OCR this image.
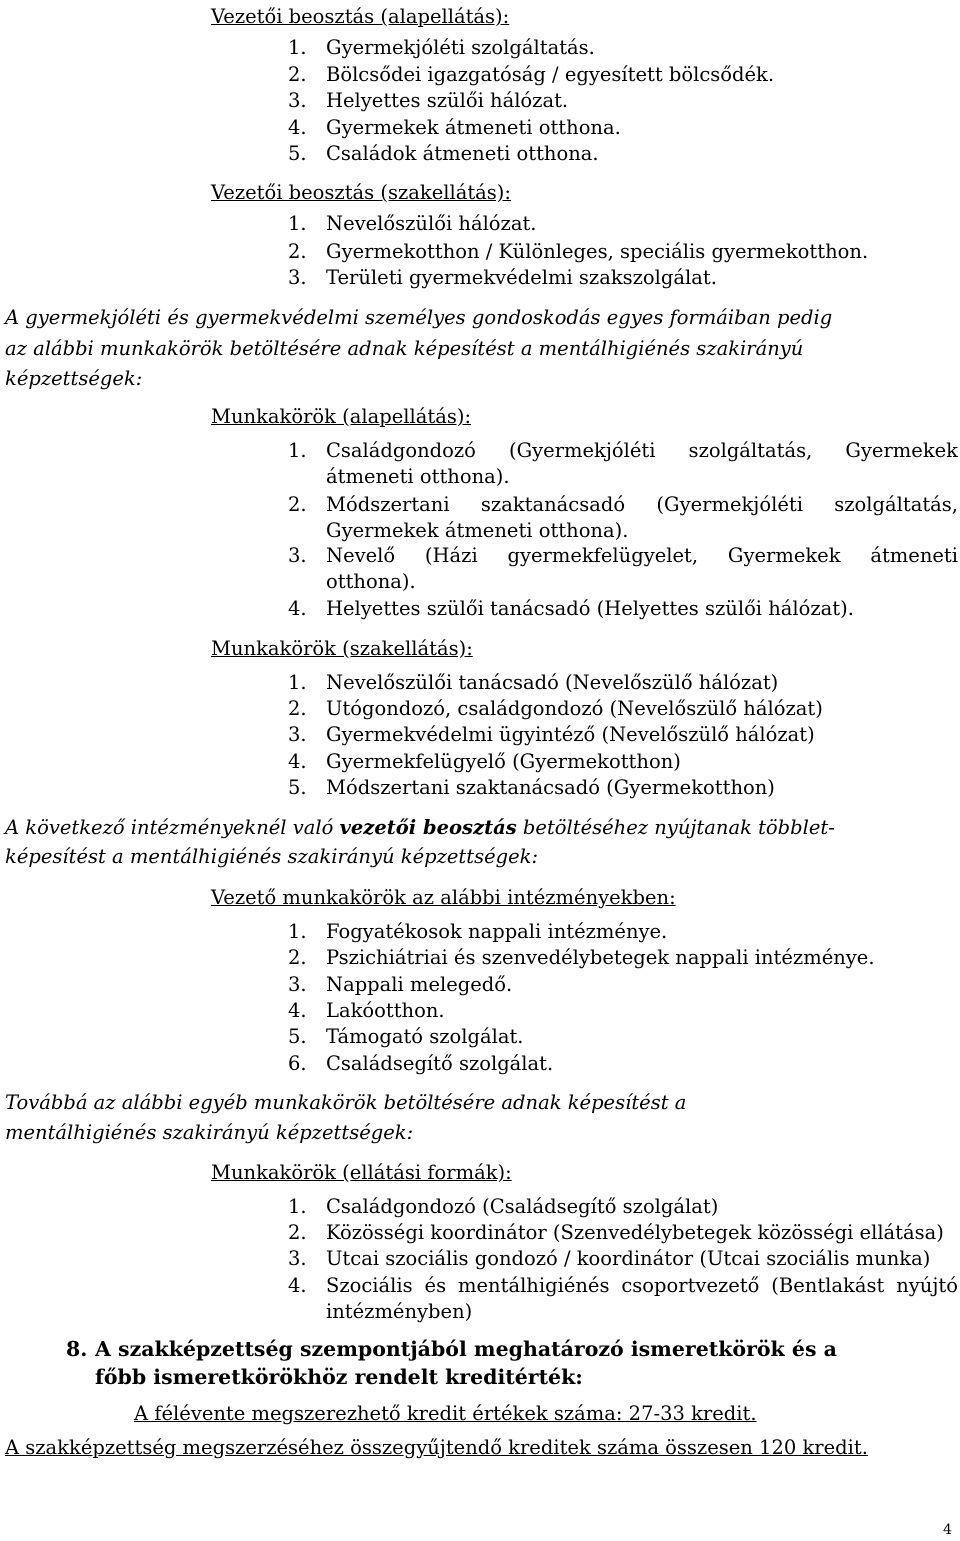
Vezetői beosztás (alapellátás):
1. Gyermekjóléti szolgáltatás.
2. Bölcsődei igazgatóság / egyesített bölcsődék.
3. Helyettes szülői hálózat.
4. Gyermekek átmeneti otthona.
5. Családok átmeneti otthona.
Vezetői beosztás (szakellátás):
1. Nevelőszülői hálózat.
2. Gyermekotthon / Különleges, speciális gyermekotthon.
3. Területi gyermekvédelmi szakszolgálat.
A gyermekjóléti és gyermekvédelmi személyes gondoskodás egyes formáiban pedig
az alábbi munkakörök betöltésére adnak képesítést a mentálhigiénés szakirányú
képzettségek:
Munkakörök (alapellátás):
1. Családgondozó (Gyermekjóléti szolgáltatás, Gyermekek
átmeneti otthona).
2. Módszertani szaktanácsadó (Gyermekjóléti szolgáltatás,
Gyermekek átmeneti otthona).
3. Nevelő (Házi gyermekfelügyelet, Gyermekek átmeneti
otthona).
4. Helyettes szülői tanácsadó (Helyettes szülői hálózat).
Munkakörök (szakellátás):
1. Nevelőszülői tanácsadó (Nevelőszülő hálózat)
2. Utógondozó, családgondozó (Nevelőszülő hálózat)
3. Gyermekvédelmi ügyintéző (Nevelőszülő hálózat)
4. Gyermekfelügyelő (Gyermekotthon)
5. Módszertani szaktanácsadó (Gyermekotthon)
A következő intézményeknél való vezetői beosztás betöltéséhez nyújtanak többlet-
képesítést a mentálhigiénés szakirányú képzettségek:
Vezető munkakörök az alábbi intézményekben:
1. Fogyatékosok nappali intézménye.
2. Pszichiátriai és szenvedélybetegek nappali intézménye.
3. Nappali melegedő.
4. Lakóotthon.
5. Támogató szolgálat.
6. Családsegítő szolgálat.
Továbbá az alábbi egyéb munkakörök betöltésére adnak képesítést a
mentálhigiénés szakirányú képzettségek:
Munkakörök (ellátási formák):
1. Családgondozó (Családsegítő szolgálat)
2. Közösségi koordinátor (Szenvedélybetegek közösségi ellátása)
3. Utcai szociális gondozó / koordinátor (Utcai szociális munka)
4. Szociális és mentálhigiénés csoportvezető (Bentlakást nyújtó
intézményben)
8. A szakképzettség szempontjából meghatározó ismeretkörök és a
főbb ismeretkörökhöz rendelt kreditérték:
A félévente megszerezhető kredit értékek száma: 27-33 kredit.
A szakképzettség megszerzéséhez összegyűjtendő kreditek száma összesen 120 kredit.
4
